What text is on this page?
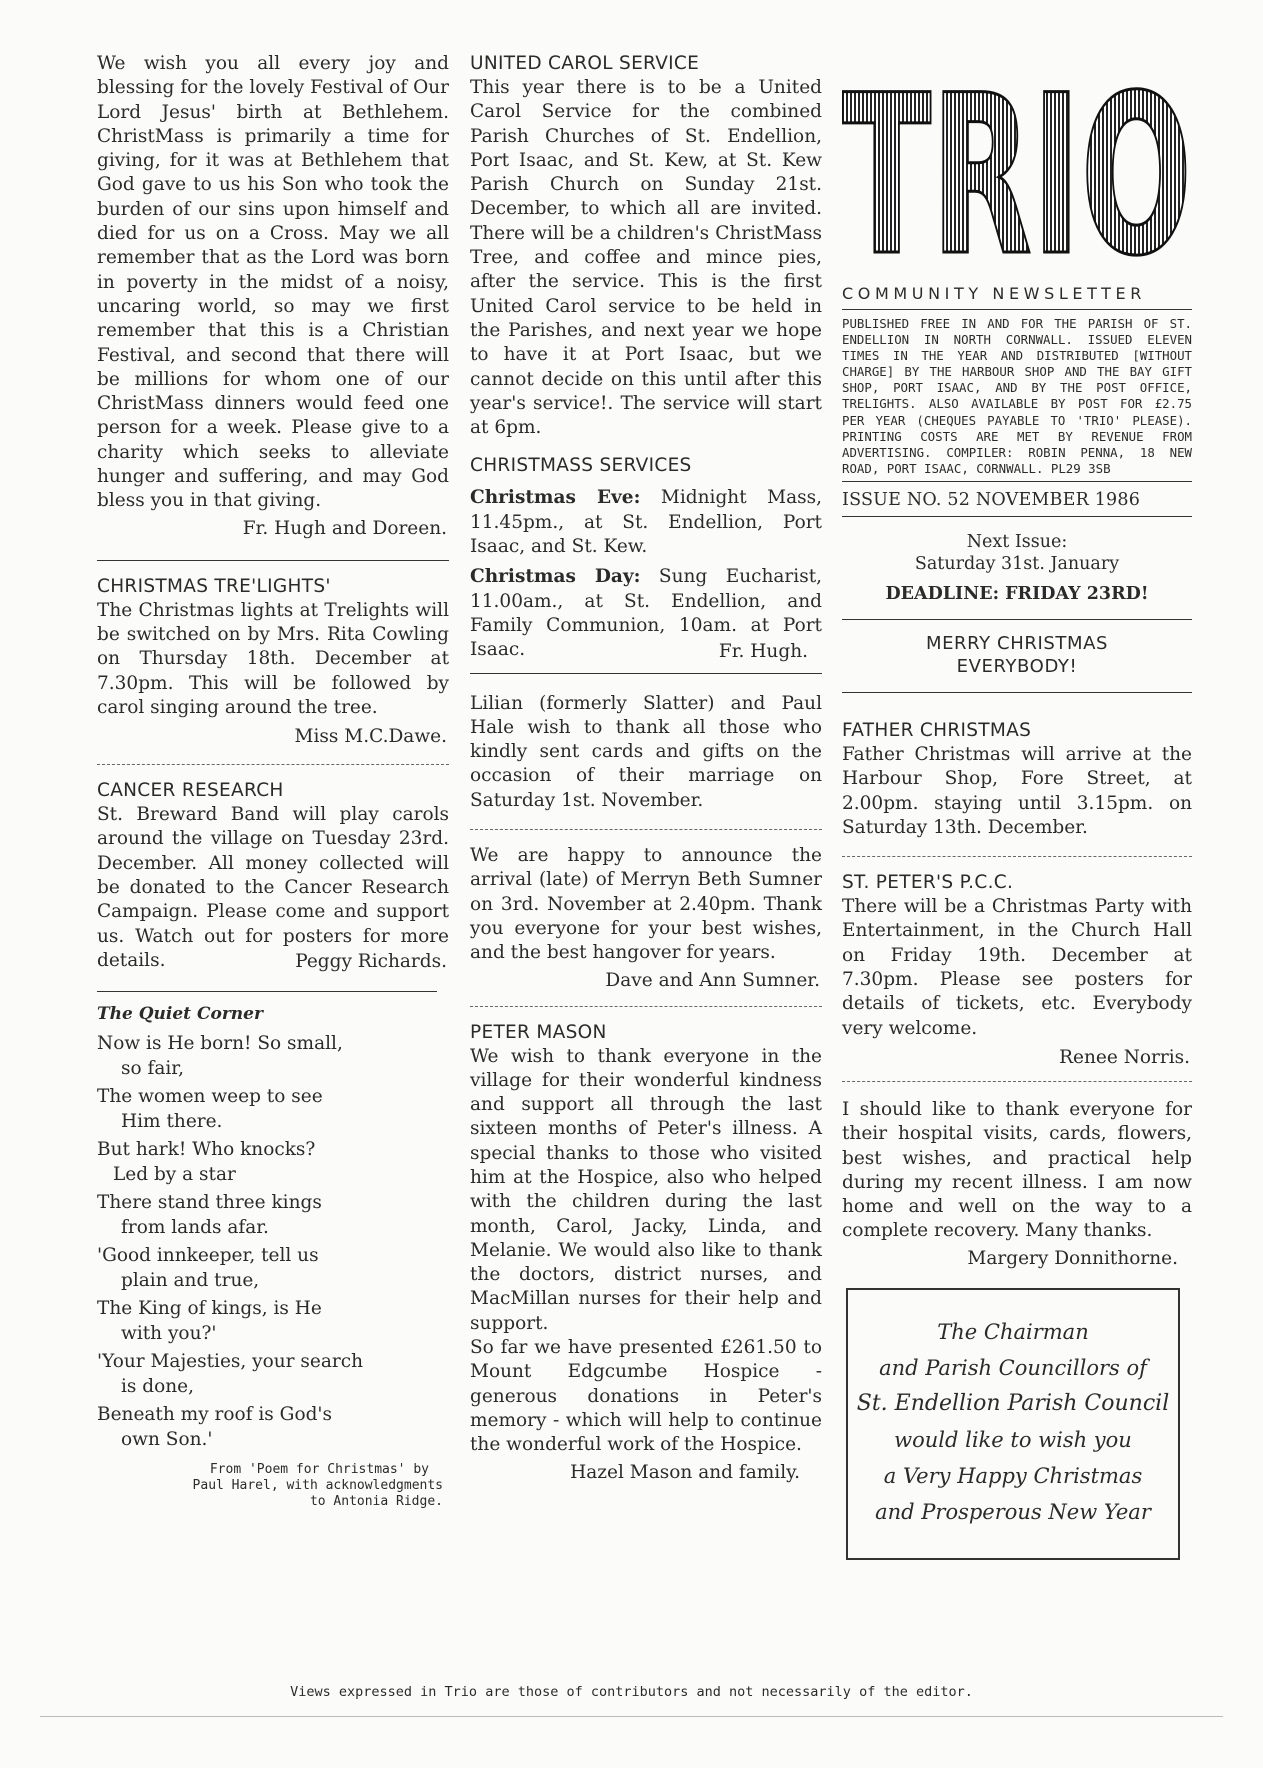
We wish you all every joy and blessing for the lovely Festival of Our Lord Jesus' birth at Bethlehem. ChristMass is primarily a time for giving, for it was at Bethlehem that God gave to us his Son who took the burden of our sins upon himself and died for us on a Cross. May we all remember that as the Lord was born in poverty in the midst of a noisy, uncaring world, so may we first remember that this is a Christian Festival, and second that there will be millions for whom one of our ChristMass dinners would feed one person for a week. Please give to a charity which seeks to alleviate hunger and suffering, and may God bless you in that giving.

Fr. Hugh and Doreen.

CHRISTMAS TRE'LIGHTS'

The Christmas lights at Trelights will be switched on by Mrs. Rita Cowling on Thursday 18th. December at 7.30pm. This will be followed by carol singing around the tree.

Miss M.C.Dawe.

CANCER RESEARCH

St. Breward Band will play carols around the village on Tuesday 23rd. December. All money collected will be donated to the Cancer Research Campaign. Please come and support us. Watch out for posters for more details.	Peggy Richards.

The Quiet Corner
Now is He born! So small,
so fair,
The women weep to see
Him there.
But hark! Who knocks?
Led by a star
There stand three kings
from lands afar.
'Good innkeeper, tell us
plain and true,
The King of kings, is He
with you?'
'Your Majesties, your search
is done,
Beneath my roof is God's
own Son.'
From 'Poem for Christmas' by
Paul Harel, with acknowledgments
to Antonia Ridge.
UNITED CAROL SERVICE

This year there is to be a United Carol Service for the combined Parish Churches of St. Endellion, Port Isaac, and St. Kew, at St. Kew Parish Church on Sunday 21st. December, to which all are invited. There will be a children's ChristMass Tree, and coffee and mince pies, after the service. This is the first United Carol service to be held in the Parishes, and next year we hope to have it at Port Isaac, but we cannot decide on this until after this year's service!. The service will start at 6pm.

CHRISTMASS SERVICES

Christmas Eve: Midnight Mass, 11.45pm., at St. Endellion, Port Isaac, and St. Kew.

Christmas Day: Sung Eucharist, 11.00am., at St. Endellion, and Family Communion, 10am. at Port Isaac.	Fr. Hugh.

Lilian (formerly Slatter) and Paul Hale wish to thank all those who kindly sent cards and gifts on the occasion of their marriage on Saturday 1st. November.

We are happy to announce the arrival (late) of Merryn Beth Sumner on 3rd. November at 2.40pm. Thank you everyone for your best wishes, and the best hangover for years.

Dave and Ann Sumner.

PETER MASON

We wish to thank everyone in the village for their wonderful kindness and support all through the last sixteen months of Peter's illness. A special thanks to those who visited him at the Hospice, also who helped with the children during the last month, Carol, Jacky, Linda, and Melanie. We would also like to thank the doctors, district nurses, and MacMillan nurses for their help and support.

So far we have presented £261.50 to Mount Edgcumbe Hospice - generous donations in Peter's memory - which will help to continue the wonderful work of the Hospice.

Hazel Mason and family.

TRIO
COMMUNITY NEWSLETTER

PUBLISHED FREE IN AND FOR THE PARISH OF ST. ENDELLION IN NORTH CORNWALL. ISSUED ELEVEN TIMES IN THE YEAR AND DISTRIBUTED [WITHOUT CHARGE] BY THE HARBOUR SHOP AND THE BAY GIFT SHOP, PORT ISAAC, AND BY THE POST OFFICE, TRELIGHTS. ALSO AVAILABLE BY POST FOR £2.75 PER YEAR (CHEQUES PAYABLE TO 'TRIO' PLEASE). PRINTING COSTS ARE MET BY REVENUE FROM ADVERTISING. COMPILER: ROBIN PENNA, 18 NEW ROAD, PORT ISAAC, CORNWALL. PL29 3SB

ISSUE NO. 52 NOVEMBER 1986
Next Issue:
Saturday 31st. January
DEADLINE: FRIDAY 23RD!
MERRY CHRISTMAS
EVERYBODY!
FATHER CHRISTMAS

Father Christmas will arrive at the Harbour Shop, Fore Street, at 2.00pm. staying until 3.15pm. on Saturday 13th. December.

ST. PETER'S P.C.C.

There will be a Christmas Party with Entertainment, in the Church Hall on Friday 19th. December at 7.30pm. Please see posters for details of tickets, etc. Everybody very welcome.

Renee Norris.

I should like to thank everyone for their hospital visits, cards, flowers, best wishes, and practical help during my recent illness. I am now home and well on the way to a complete recovery. Many thanks.

Margery Donnithorne.

The Chairman
and Parish Councillors of
St. Endellion Parish Council
would like to wish you
a Very Happy Christmas
and Prosperous New Year
Views expressed in Trio are those of contributors and not necessarily of the editor.
